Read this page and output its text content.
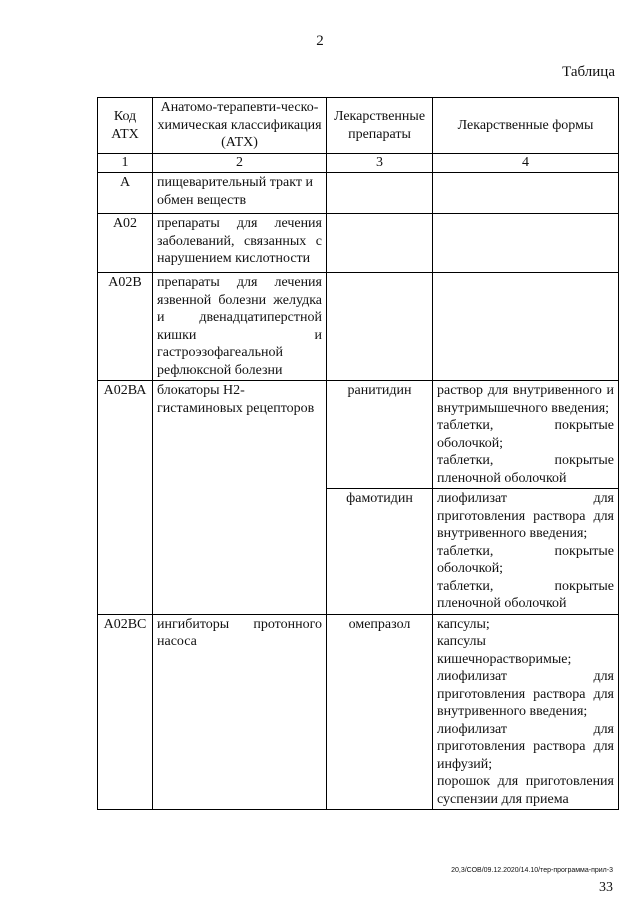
2
Таблица
Код АТХ	Анатомо-терапевти-ческо-химическая классификация (АТХ)	Лекарственные препараты	Лекарственные формы
1	2	3	4
А	пищеварительный тракт и обмен веществ		
А02	препараты для лечения заболеваний, связанных с нарушением кислотности		
А02В	препараты для лечения язвенной болезни желудка и двенадцатиперстной кишки и гастроэзофагеальной рефлюксной болезни		
А02ВА	блокаторы Н2-гистаминовых рецепторов	ранитидин	раствор для внутривенного и внутримышечного введения;
таблетки, покрытые оболочкой;
таблетки, покрытые пленочной оболочкой

		фамотидин	лиофилизат для приготовления раствора для внутривенного введения;
таблетки, покрытые оболочкой;
таблетки, покрытые пленочной оболочкой

А02ВС	ингибиторы протонного насоса	омепразол	капсулы;
капсулы кишечнорастворимые;
лиофилизат для приготовления раствора для внутривенного введения;
лиофилизат для приготовления раствора для инфузий;
порошок для приготовления суспензии для приема
20,3/СОВ/09.12.2020/14.10/тер-программа-прил-3
33
